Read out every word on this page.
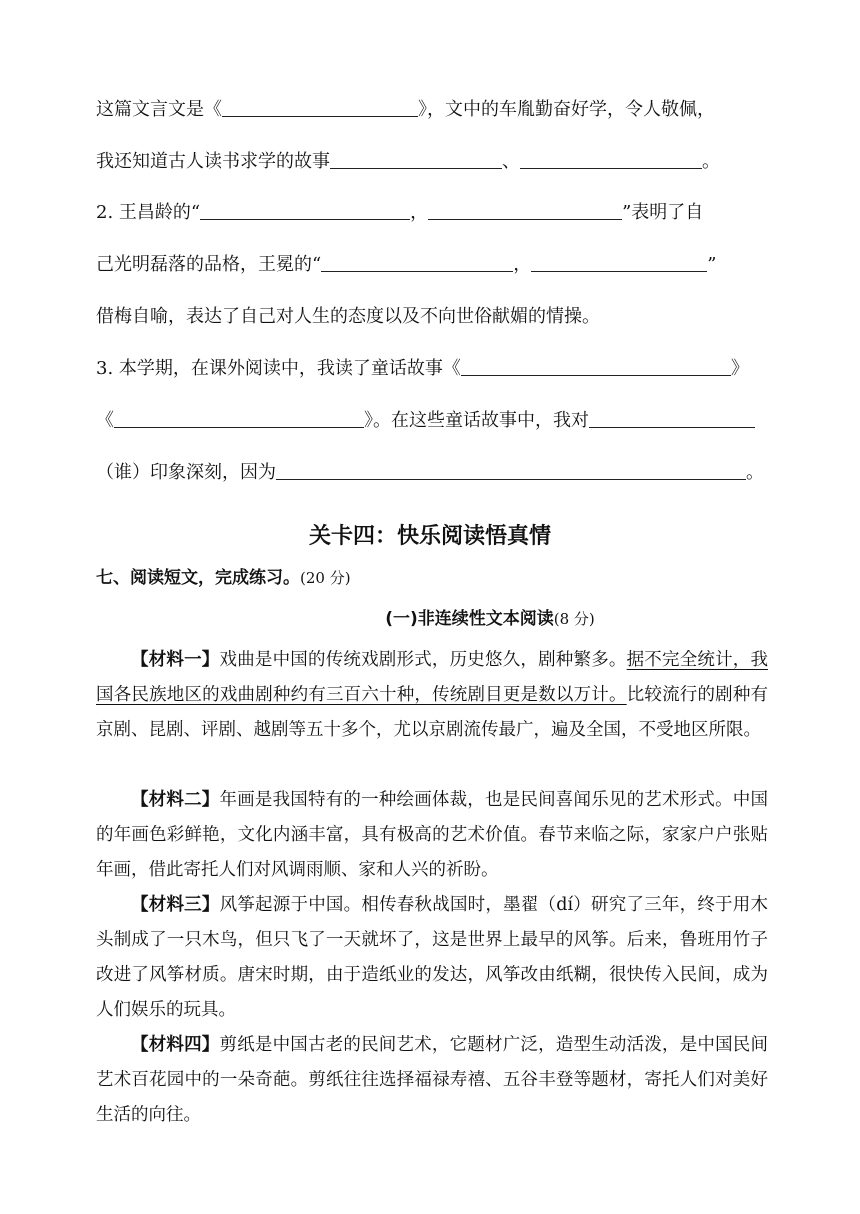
这篇文言文是《	》，文中的车胤勤奋好学，令人敬佩，
我还知道古人读书求学的故事	、	。
2. 王昌龄的“	，	”表明了自
己光明磊落的品格，王冕的“	，	”
借梅自喻，表达了自己对人生的态度以及不向世俗献媚的情操。
3. 本学期，在课外阅读中，我读了童话故事《	》
《	》。在这些童话故事中，我对
（谁）印象深刻，因为	。
关卡四：快乐阅读悟真情
七、阅读短文，完成练习。(20 分)
(一)非连续性文本阅读(8 分)
【材料一】戏曲是中国的传统戏剧形式，历史悠久，剧种繁多。据不完全统计，我国各民族地区的戏曲剧种约有三百六十种，传统剧目更是数以万计。比较流行的剧种有京剧、昆剧、评剧、越剧等五十多个，尤以京剧流传最广，遍及全国，不受地区所限。
【材料二】年画是我国特有的一种绘画体裁，也是民间喜闻乐见的艺术形式。中国的年画色彩鲜艳，文化内涵丰富，具有极高的艺术价值。春节来临之际，家家户户张贴年画，借此寄托人们对风调雨顺、家和人兴的祈盼。
【材料三】风筝起源于中国。相传春秋战国时，墨翟（dí）研究了三年，终于用木头制成了一只木鸟，但只飞了一天就坏了，这是世界上最早的风筝。后来，鲁班用竹子改进了风筝材质。唐宋时期，由于造纸业的发达，风筝改由纸糊，很快传入民间，成为人们娱乐的玩具。
【材料四】剪纸是中国古老的民间艺术，它题材广泛，造型生动活泼，是中国民间艺术百花园中的一朵奇葩。剪纸往往选择福禄寿禧、五谷丰登等题材，寄托人们对美好生活的向往。
